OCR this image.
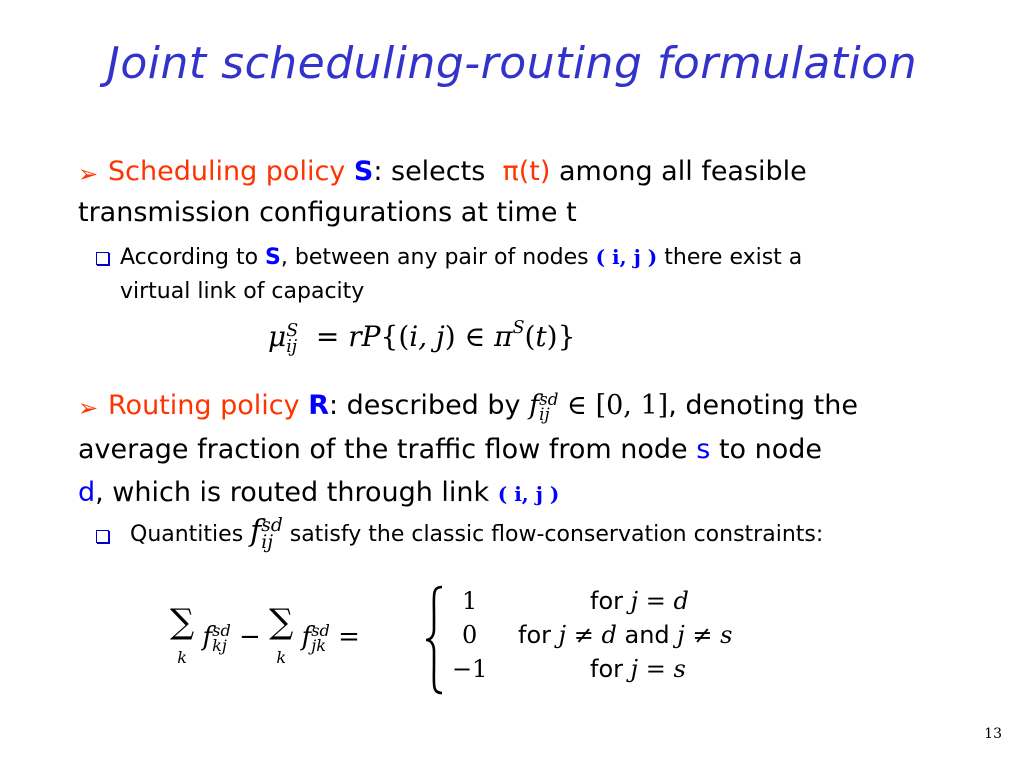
Joint scheduling-routing formulation
➢ Scheduling policy S: selects π(t) among all feasible
transmission configurations at time t
According to S, between any pair of nodes ( i, j ) there exist a
virtual link of capacity
μS
ij  = rP{(i, j) ∈ $\pi^S(t)$}
➢ Routing policy R: described by fsd
ij ∈ [0, 1], denoting the
average fraction of the traffic flow from node s to node
d, which is routed through link ( i, j )
Quantities fsd
ij satisfy the classic flow-conservation constraints:
∑
k fsd
kj − ∑
k fsd
jk =
1	for j = d
0 for j ≠ d and j ≠ s
−1	for j = s
13
